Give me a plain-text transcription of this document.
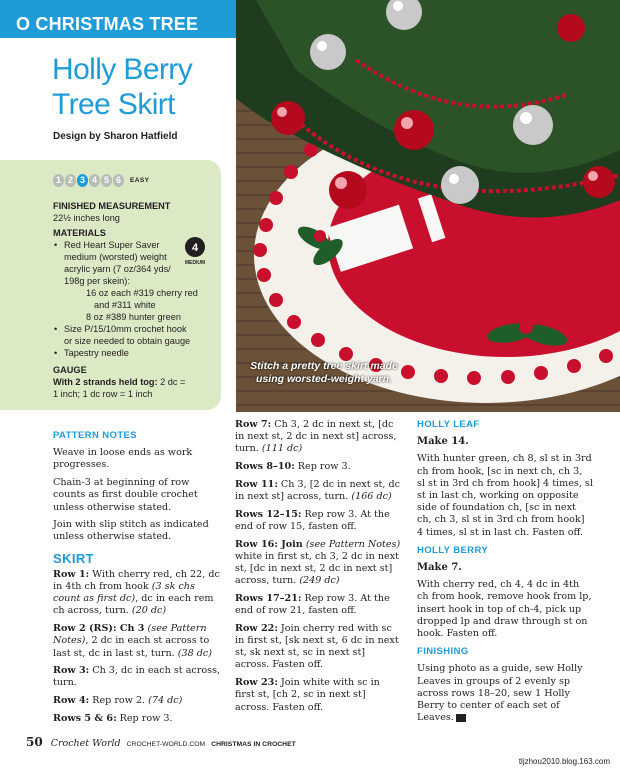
O CHRISTMAS TREE
Holly Berry
Tree Skirt
Design by Sharon Hatfield
Stitch a pretty tree skirt made
using worsted-weight yarn.
1 2 3 4 5 6	EASY
FINISHED MEASUREMENT
22½ inches long
MATERIALS
• Red Heart Super Saver
medium (worsted) weight
acrylic yarn (7 oz/364 yds/
198g per skein):
16 oz each #319 cherry red
and #311 white
8 oz #389 hunter green
• Size P/15/10mm crochet hook
or size needed to obtain gauge
• Tapestry needle
4
MEDIUM
GAUGE
With 2 strands held tog: 2 dc =
1 inch; 1 dc row = 1 inch
PATTERN NOTES

Weave in loose ends as work progresses.

Chain-3 at beginning of row counts as first double crochet unless otherwise stated.

Join with slip stitch as indicated unless otherwise stated.

SKIRT

Row 1: With cherry red, ch 22, dc in 4th ch from hook (3 sk chs count as first dc), dc in each rem ch across, turn. (20 dc)

Row 2 (RS): Ch 3 (see Pattern Notes), 2 dc in each st across to last st, dc in last st, turn. (38 dc)

Row 3: Ch 3, dc in each st across, turn.

Row 4: Rep row 2. (74 dc)

Rows 5 & 6: Rep row 3.

Row 7: Ch 3, 2 dc in next st, [dc in next st, 2 dc in next st] across, turn. (111 dc)

Rows 8–10: Rep row 3.

Row 11: Ch 3, [2 dc in next st, dc in next st] across, turn. (166 dc)

Rows 12–15: Rep row 3. At the end of row 15, fasten off.

Row 16: Join (see Pattern Notes) white in first st, ch 3, 2 dc in next st, [dc in next st, 2 dc in next st] across, turn. (249 dc)

Rows 17–21: Rep row 3. At the end of row 21, fasten off.

Row 22: Join cherry red with sc in first st, [sk next st, 6 dc in next st, sk next st, sc in next st] across. Fasten off.

Row 23: Join white with sc in first st, [ch 2, sc in next st] across. Fasten off.

HOLLY LEAF
Make 14.

With hunter green, ch 8, sl st in 3rd ch from hook, [sc in next ch, ch 3, sl st in 3rd ch from hook] 4 times, sl st in last ch, working on opposite side of foundation ch, [sc in next ch, ch 3, sl st in 3rd ch from hook] 4 times, sl st in last ch. Fasten off.

HOLLY BERRY
Make 7.

With cherry red, ch 4, 4 dc in 4th ch from hook, remove hook from lp, insert hook in top of ch-4, pick up dropped lp and draw through st on hook. Fasten off.

FINISHING

Using photo as a guide, sew Holly Leaves in groups of 2 evenly sp across rows 18–20, sew 1 Holly Berry to center of each set of Leaves.

50 Crochet World CROCHET-WORLD.COM CHRISTMAS IN CROCHET
tljzhou2010.blog.163.com
